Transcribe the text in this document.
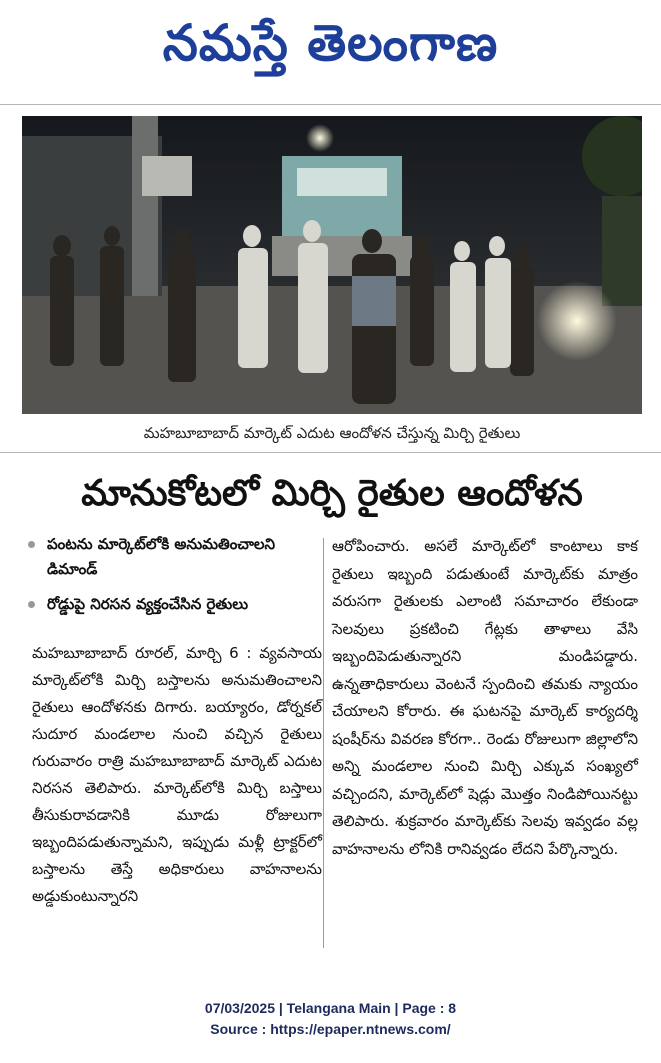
నమస్తే తెలంగాణ
మహబూబాబాద్ మార్కెట్ ఎదుట ఆందోళన చేస్తున్న మిర్చి రైతులు
మానుకోటలో మిర్చి రైతుల ఆందోళన
పంటను మార్కెట్‌లోకి అనుమతించాలని డిమాండ్
రోడ్డుపై నిరసన వ్యక్తంచేసిన రైతులు
మహబూబాబాద్ రూరల్, మార్చి 6 : వ్యవసాయ మార్కెట్‌లోకి మిర్చి బస్తాలను అనుమతించాలని రైతులు ఆందోళనకు దిగారు. బయ్యారం, డోర్నకల్ సుదూర మండలాల నుంచి వచ్చిన రైతులు గురువారం రాత్రి మహబూబాబాద్ మార్కెట్ ఎదుట నిరసన తెలిపారు. మార్కెట్‌లోకి మిర్చి బస్తాలు తీసుకురావడానికి మూడు రోజులుగా ఇబ్బందిపడుతున్నామని, ఇప్పుడు మళ్లీ ట్రాక్టర్‌లో బస్తాలను తెస్తే అధికారులు వాహనాలను అడ్డుకుంటున్నారని
ఆరోపించారు. అసలే మార్కెట్‌లో కాంటాలు కాక రైతులు ఇబ్బంది పడుతుంటే మార్కెట్‌కు మాత్రం వరుసగా రైతులకు ఎలాంటి సమాచారం లేకుండా సెలవులు ప్రకటించి గేట్లకు తాళాలు వేసి ఇబ్బందిపెడుతున్నారని మండిపడ్డారు. ఉన్నతాధికారులు వెంటనే స్పందించి తమకు న్యాయం చేయాలని కోరారు. ఈ ఘటనపై మార్కెట్ కార్యదర్శి షంషీర్‌ను వివరణ కోరగా.. రెండు రోజులుగా జిల్లాలోని అన్ని మండలాల నుంచి మిర్చి ఎక్కువ సంఖ్యలో వచ్చిందని, మార్కెట్‌లో షెడ్లు మొత్తం నిండిపోయినట్టు తెలిపారు. శుక్రవారం మార్కెట్‌కు సెలవు ఇవ్వడం వల్ల వాహనాలను లోనికి రానివ్వడం లేదని పేర్కొన్నారు.
07/03/2025 | Telangana Main | Page : 8
Source : https://epaper.ntnews.com/
